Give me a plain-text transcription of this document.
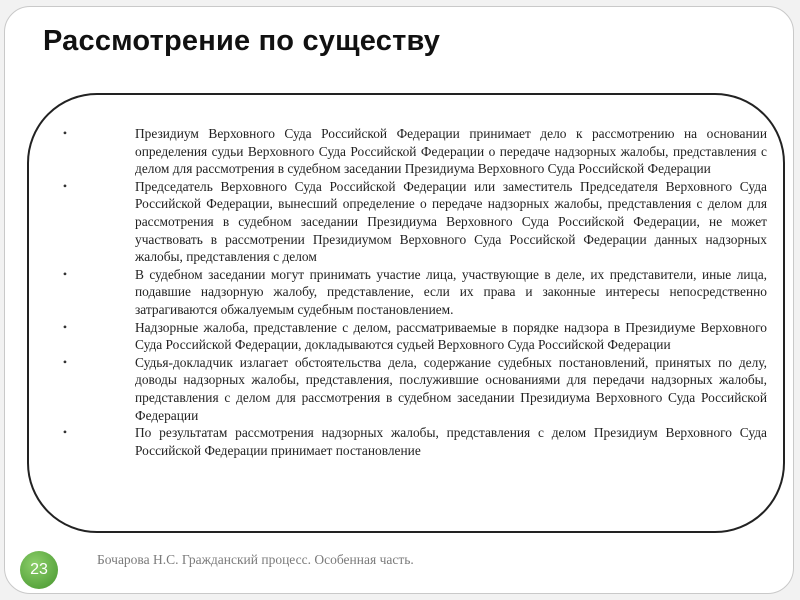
Рассмотрение по существу
•	Президиум Верховного Суда Российской Федерации принимает дело к рассмотрению на основании определения судьи Верховного Суда Российской Федерации о передаче надзорных жалобы, представления с делом для рассмотрения в судебном заседании Президиума Верховного Суда Российской Федерации
•	Председатель Верховного Суда Российской Федерации или заместитель Председателя Верховного Суда Российской Федерации, вынесший определение о передаче надзорных жалобы, представления с делом для рассмотрения в судебном заседании Президиума Верховного Суда Российской Федерации, не может участвовать в рассмотрении Президиумом Верховного Суда Российской Федерации данных надзорных жалобы, представления с делом
•	В судебном заседании могут принимать участие лица, участвующие в деле, их представители, иные лица, подавшие надзорную жалобу, представление, если их права и законные интересы непосредственно затрагиваются обжалуемым судебным постановлением.
•	Надзорные жалоба, представление с делом, рассматриваемые в порядке надзора в Президиуме Верховного Суда Российской Федерации, докладываются судьей Верховного Суда Российской Федерации
•	Судья-докладчик излагает обстоятельства дела, содержание судебных постановлений, принятых по делу, доводы надзорных жалобы, представления, послужившие основаниями для передачи надзорных жалобы, представления с делом для рассмотрения в судебном заседании Президиума Верховного Суда Российской Федерации
•	По результатам рассмотрения надзорных жалобы, представления с делом Президиум Верховного Суда Российской Федерации принимает постановление
23
Бочарова Н.С. Гражданский процесс. Особенная часть.
